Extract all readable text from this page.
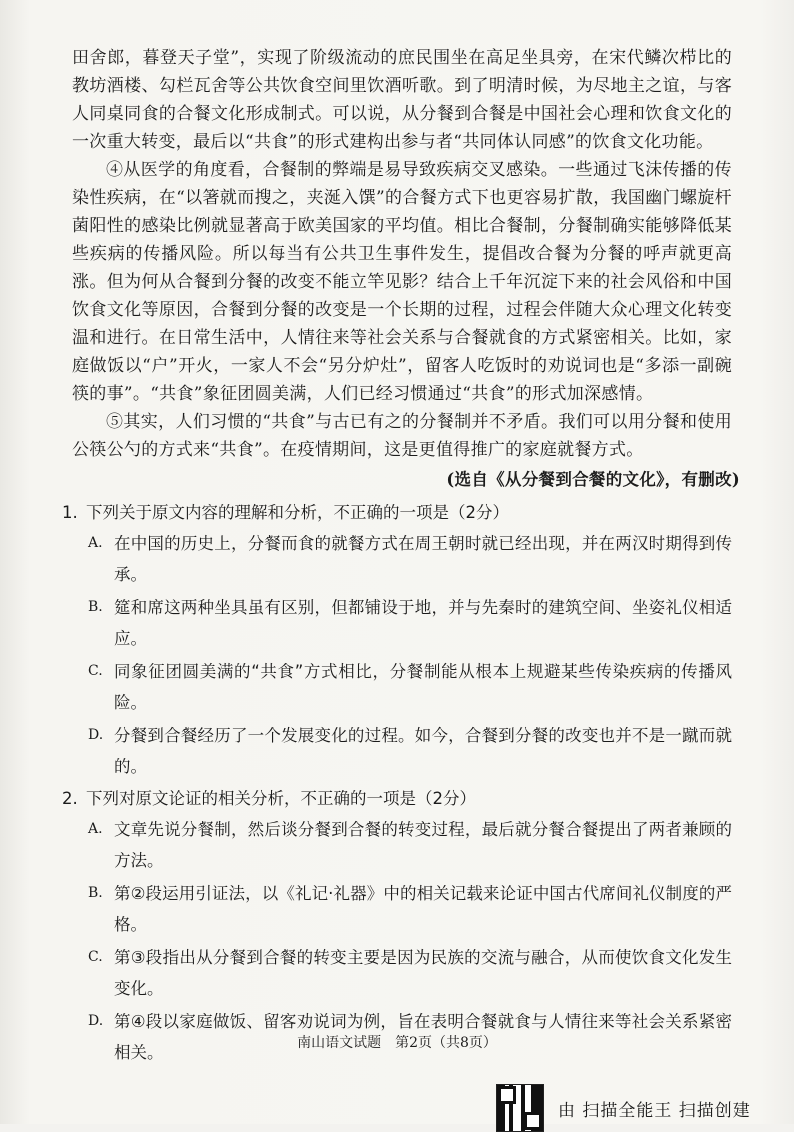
田舍郎，暮登天子堂”，实现了阶级流动的庶民围坐在高足坐具旁，在宋代鳞次栉比的教坊酒楼、勾栏瓦舍等公共饮食空间里饮酒听歌。到了明清时候，为尽地主之谊，与客人同桌同食的合餐文化形成制式。可以说，从分餐到合餐是中国社会心理和饮食文化的一次重大转变，最后以“共食”的形式建构出参与者“共同体认同感”的饮食文化功能。

④从医学的角度看，合餐制的弊端是易导致疾病交叉感染。一些通过飞沫传播的传染性疾病，在“以箸就而搜之，夹涎入馔”的合餐方式下也更容易扩散，我国幽门螺旋杆菌阳性的感染比例就显著高于欧美国家的平均值。相比合餐制，分餐制确实能够降低某些疾病的传播风险。所以每当有公共卫生事件发生，提倡改合餐为分餐的呼声就更高涨。但为何从合餐到分餐的改变不能立竿见影？结合上千年沉淀下来的社会风俗和中国饮食文化等原因，合餐到分餐的改变是一个长期的过程，过程会伴随大众心理文化转变温和进行。在日常生活中，人情往来等社会关系与合餐就食的方式紧密相关。比如，家庭做饭以“户”开火，一家人不会“另分炉灶”，留客人吃饭时的劝说词也是“多添一副碗筷的事”。“共食”象征团圆美满，人们已经习惯通过“共食”的形式加深感情。

⑤其实，人们习惯的“共食”与古已有之的分餐制并不矛盾。我们可以用分餐和使用公筷公勺的方式来“共食”。在疫情期间，这是更值得推广的家庭就餐方式。

(选自《从分餐到合餐的文化》，有删改)

1. 下列关于原文内容的理解和分析，不正确的一项是（2分）
A. 在中国的历史上，分餐而食的就餐方式在周王朝时就已经出现，并在两汉时期得到传承。
B. 筵和席这两种坐具虽有区别，但都铺设于地，并与先秦时的建筑空间、坐姿礼仪相适应。
C. 同象征团圆美满的“共食”方式相比，分餐制能从根本上规避某些传染疾病的传播风险。
D. 分餐到合餐经历了一个发展变化的过程。如今，合餐到分餐的改变也并不是一蹴而就的。
2. 下列对原文论证的相关分析，不正确的一项是（2分）
A. 文章先说分餐制，然后谈分餐到合餐的转变过程，最后就分餐合餐提出了两者兼顾的方法。
B. 第②段运用引证法，以《礼记·礼器》中的相关记载来论证中国古代席间礼仪制度的严格。
C. 第③段指出从分餐到合餐的转变主要是因为民族的交流与融合，从而使饮食文化发生变化。
D. 第④段以家庭做饭、留客劝说词为例，旨在表明合餐就食与人情往来等社会关系紧密相关。	南山语文试题　第2页（共8页）
由 扫描全能王 扫描创建
